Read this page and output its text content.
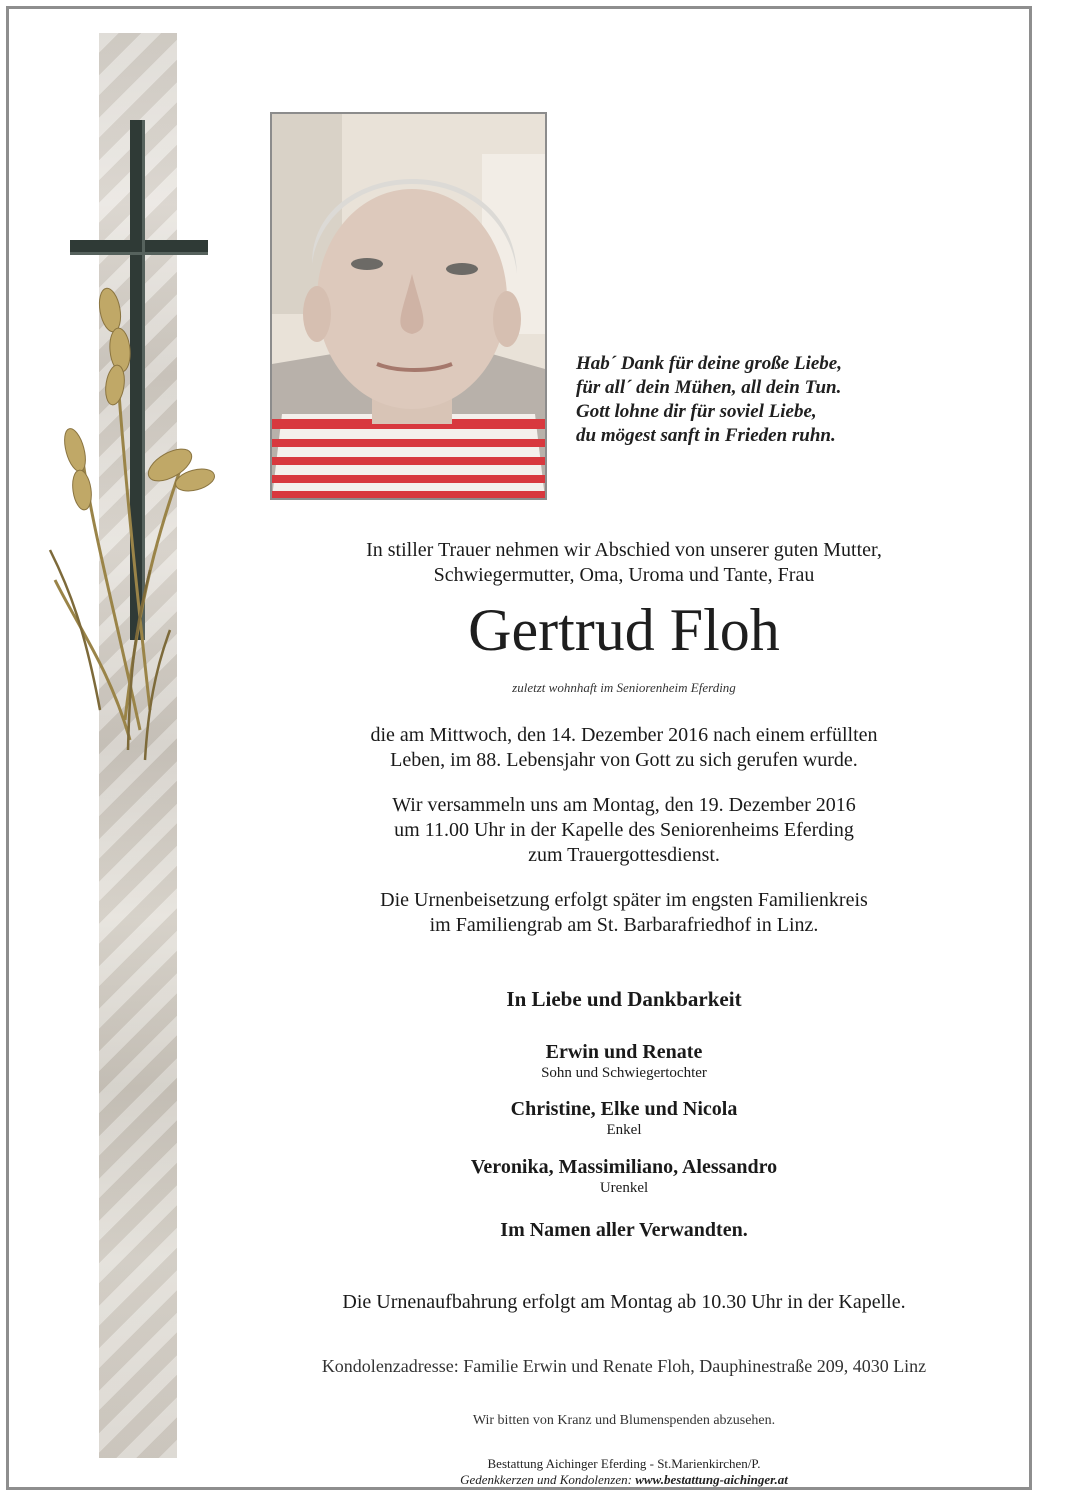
Hab´ Dank für deine große Liebe,
für all´ dein Mühen, all dein Tun.
Gott lohne dir für soviel Liebe,
du mögest sanft in Frieden ruhn.
In stiller Trauer nehmen wir Abschied von unserer guten Mutter,
Schwiegermutter, Oma, Uroma und Tante, Frau
Gertrud Floh
zuletzt wohnhaft im Seniorenheim Eferding
die am Mittwoch, den 14. Dezember 2016 nach einem erfüllten
Leben, im 88. Lebensjahr von Gott zu sich gerufen wurde.
Wir versammeln uns am Montag, den 19. Dezember 2016
um 11.00 Uhr in der Kapelle des Seniorenheims Eferding
zum Trauergottesdienst.
Die Urnenbeisetzung erfolgt später im engsten Familienkreis
im Familiengrab am St. Barbarafriedhof in Linz.
In Liebe und Dankbarkeit
Erwin und Renate
Sohn und Schwiegertochter
Christine, Elke und Nicola
Enkel
Veronika, Massimiliano, Alessandro
Urenkel
Im Namen aller Verwandten.
Die Urnenaufbahrung erfolgt am Montag ab 10.30 Uhr in der Kapelle.
Kondolenzadresse: Familie Erwin und Renate Floh, Dauphinestraße 209, 4030 Linz
Wir bitten von Kranz und Blumenspenden abzusehen.
Bestattung Aichinger Eferding - St.Marienkirchen/P.
Gedenkkerzen und Kondolenzen: www.bestattung-aichinger.at
